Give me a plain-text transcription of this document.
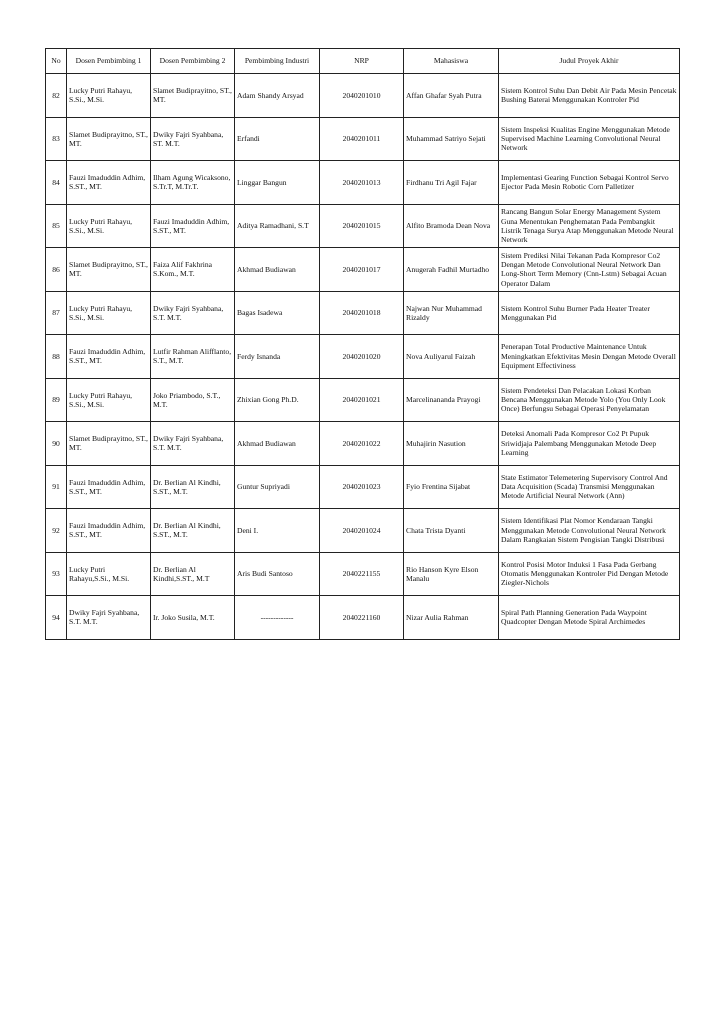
No	Dosen Pembimbing 1	Dosen Pembimbing 2	Pembimbing Industri	NRP	Mahasiswa	Judul Proyek Akhir
82	Lucky Putri Rahayu, S.Si., M.Si.	Slamet Budiprayitno, ST., MT.	Adam Shandy Arsyad	2040201010	Affan Ghafar Syah Putra	Sistem Kontrol Suhu Dan Debit Air Pada Mesin Pencetak Bushing Baterai Menggunakan Kontroler Pid
83	Slamet Budiprayitno, ST., MT.	Dwiky Fajri Syahbana, ST. M.T.	Erfandi	2040201011	Muhammad Satriyo Sejati	Sistem Inspeksi Kualitas Engine Menggunakan Metode Supervised Machine Learning Convolutional Neural Network
84	Fauzi Imaduddin Adhim, S.ST., MT.	Ilham Agung Wicaksono, S.Tr.T, M.Tr.T.	Linggar Bangun	2040201013	Firdhanu Tri Agil Fajar	Implementasi Gearing Function Sebagai Kontrol Servo Ejector Pada Mesin Robotic Corn Palletizer
85	Lucky Putri Rahayu, S.Si., M.Si.	Fauzi Imaduddin Adhim, S.ST., MT.	Aditya Ramadhani, S.T	2040201015	Alfito Bramoda Dean Nova	Rancang Bangun Solar Energy Management System Guna Menentukan Penghematan Pada Pembangkit Listrik Tenaga Surya Atap Menggunakan Metode Neural Network
86	Slamet Budiprayitno, ST., MT.	Faiza Alif Fakhrina S.Kom., M.T.	Akhmad Budiawan	2040201017	Anugerah Fadhil Murtadho	Sistem Prediksi Nilai Tekanan Pada Kompresor Co2 Dengan Metode Convolutional Neural Network Dan Long-Short Term Memory (Cnn-Lstm) Sebagai Acuan Operator Dalam
87	Lucky Putri Rahayu, S.Si., M.Si.	Dwiky Fajri Syahbana, S.T. M.T.	Bagas Isadewa	2040201018	Najwan Nur Muhammad Rizaldy	Sistem Kontrol Suhu Burner Pada Heater Treater Menggunakan Pid
88	Fauzi Imaduddin Adhim, S.ST., MT.	Lutfir Rahman Alifflanto, S.T., M.T.	Ferdy Isnanda	2040201020	Nova Auliyarul Faizah	Penerapan Total Productive Maintenance Untuk Meningkatkan Efektivitas Mesin Dengan Metode Overall Equipment Effectiviness
89	Lucky Putri Rahayu, S.Si., M.Si.	Joko Priambodo, S.T., M.T.	Zhixian Gong Ph.D.	2040201021	Marcelinananda Prayogi	Sistem Pendeteksi Dan Pelacakan Lokasi Korban Bencana Menggunakan Metode Yolo (You Only Look Once) Berfungsu Sebagai Operasi Penyelamatan
90	Slamet Budiprayitno, ST., MT.	Dwiky Fajri Syahbana, S.T. M.T.	Akhmad Budiawan	2040201022	Muhajirin Nasution	Deteksi Anomali Pada Kompresor Co2 Pt Pupuk Sriwidjaja Palembang Menggunakan Metode Deep Learning
91	Fauzi Imaduddin Adhim, S.ST., MT.	Dr. Berlian Al Kindhi, S.ST., M.T.	Guntur Supriyadi	2040201023	Fyio Frentina Sijabat	State Estimator Telemetering Supervisory Control And Data Acquisition (Scada) Transmisi Menggunakan Metode Artificial Neural Network (Ann)
92	Fauzi Imaduddin Adhim, S.ST., MT.	Dr. Berlian Al Kindhi, S.ST., M.T.	Deni I.	2040201024	Chata Trista Dyanti	Sistem Identifikasi Plat Nomor Kendaraan Tangki Menggunakan Metode Convolutional Neural Network Dalam Rangkaian Sistem Pengisian Tangki Distribusi
93	Lucky Putri Rahayu,S.Si., M.Si.	Dr. Berlian Al Kindhi,S.ST., M.T	Aris Budi Santoso	2040221155	Rio Hanson Kyre Elson Manalu	Kontrol Posisi Motor Induksi 1 Fasa Pada Gerbang Otomatis Menggunakan Kontroler Pid Dengan Metode Ziegler-Nichols
94	Dwiky Fajri Syahbana, S.T. M.T.	Ir. Joko Susila, M.T.	-------------	2040221160	Nizar Aulia Rahman	Spiral Path Planning Generation Pada Waypoint Quadcopter Dengan Metode Spiral Archimedes
